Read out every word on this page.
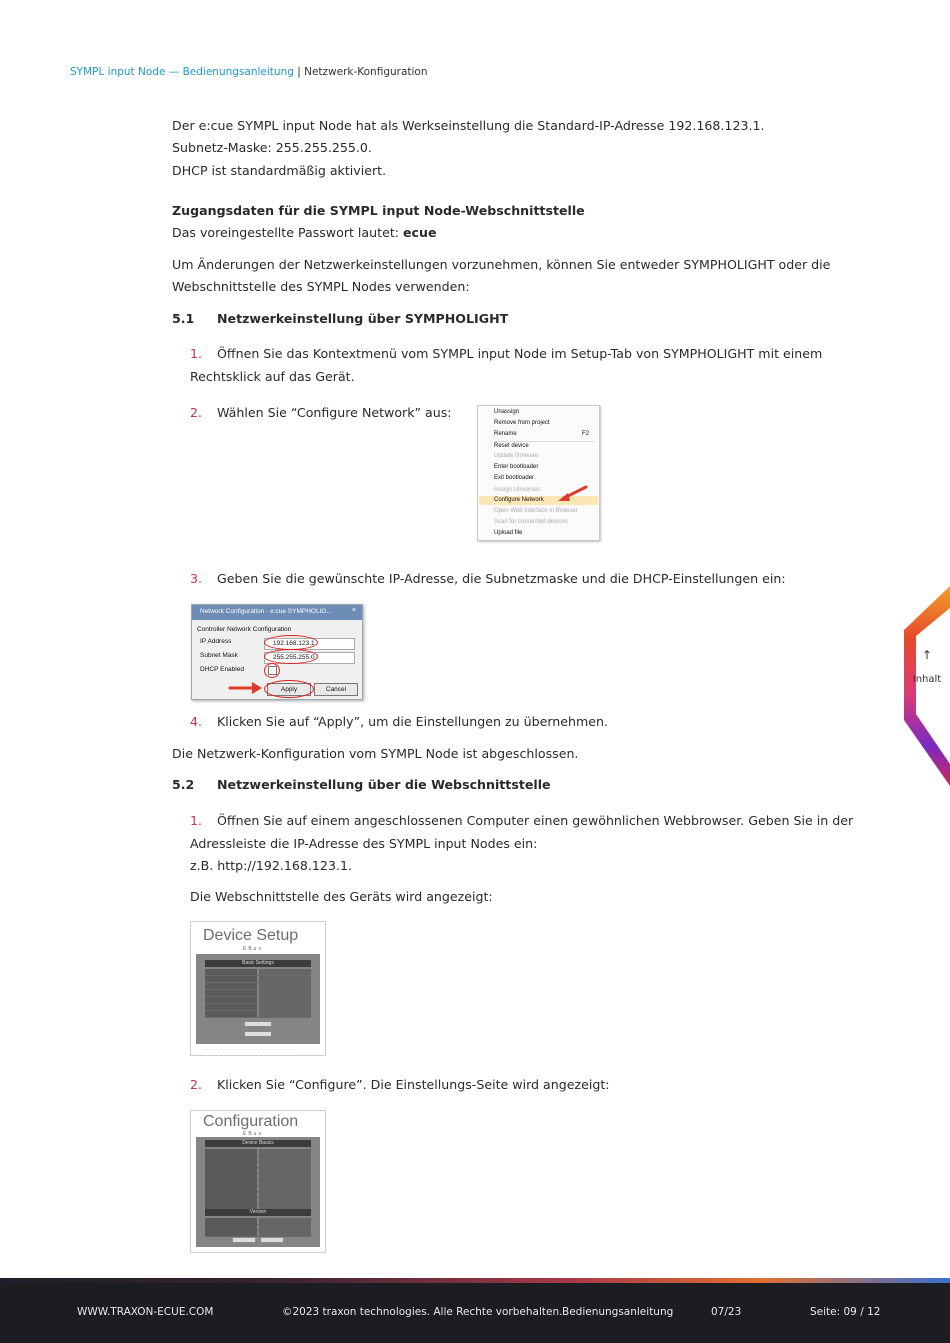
SYMPL input Node — Bedienungsanleitung | Netzwerk-Konfiguration
Der e:cue SYMPL input Node hat als Werkseinstellung die Standard-IP-Adresse 192.168.123.1.
Subnetz-Maske: 255.255.255.0.
DHCP ist standardmäßig aktiviert.
Zugangsdaten für die SYMPL input Node-Webschnittstelle
Das voreingestellte Passwort lautet: ecue
Um Änderungen der Netzwerkeinstellungen vorzunehmen, können Sie entweder SYMPHOLIGHT oder die
Webschnittstelle des SYMPL Nodes verwenden:
5.1 Netzwerkeinstellung über SYMPHOLIGHT
1. Öffnen Sie das Kontextmenü vom SYMPL input Node im Setup-Tab von SYMPHOLIGHT mit einem
Rechtsklick auf das Gerät.
2. Wählen Sie “Configure Network” aus:	Unassign
Remove from project
Rename	F2
Reset device
Update firmware
Enter bootloader
Exit bootloader
Assign Universes
Configure Network
Open Web Interface in Browser
Scan for connected devices
Upload file
3. Geben Sie die gewünschte IP-Adresse, die Subnetzmaske und die DHCP-Einstellungen ein:
Network Configuration - e:cue SYMPHOLIG...	×
Controller Network Configuration
IP Address	192.168.123.1
Subnet Mask	255.255.255.0
DHCP Enabled
Apply	Cancel
4. Klicken Sie auf “Apply”, um die Einstellungen zu übernehmen.
Die Netzwerk-Konfiguration vom SYMPL Node ist abgeschlossen.
5.2 Netzwerkeinstellung über die Webschnittstelle
1. Öffnen Sie auf einem angeschlossenen Computer einen gewöhnlichen Webbrowser. Geben Sie in der
Adressleiste die IP-Adresse des SYMPL input Nodes ein:
z.B. http://192.168.123.1.
Die Webschnittstelle des Geräts wird angezeigt:
Device Setup
EBus
Basic Settings
· · · · · · · · · · · · · · · · · · · ·
2. Klicken Sie “Configure”. Die Einstellungs-Seite wird angezeigt:
Configuration
EBus
Device Basics
Version
↑
Inhalt
WWW.TRAXON-ECUE.COM	©2023 traxon technologies. Alle Rechte vorbehalten. Bedienungsanleitung	07/23	Seite: 09 / 12
